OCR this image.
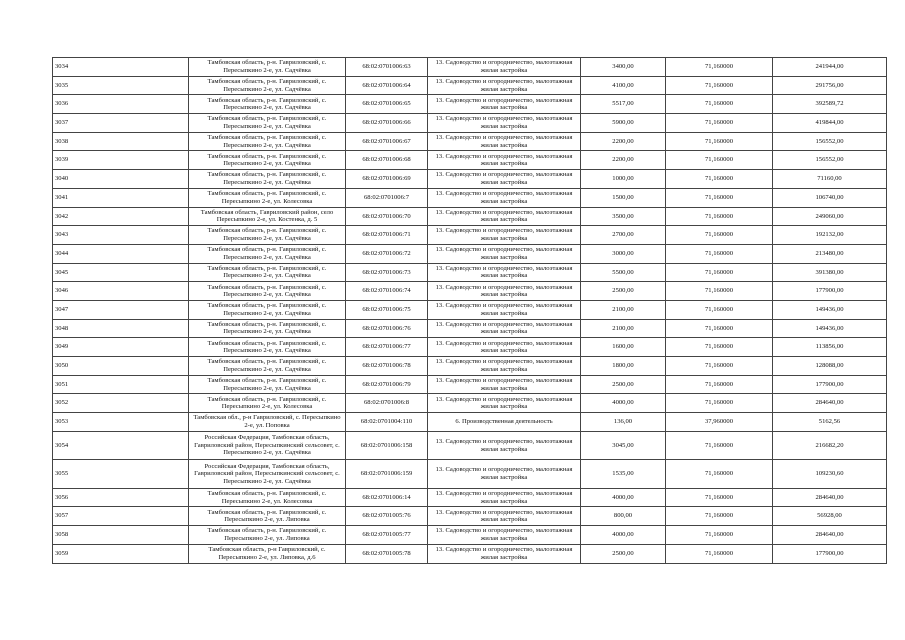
3034	Тамбовская область, р-н. Гавриловский, с. Пересыпкино 2-е, ул. Садчёвка	68:02:0701006:63	13. Садоводство и огородничество, малоэтажная жилая застройка	3400,00	71,160000	241944,00
3035	Тамбовская область, р-н. Гавриловский, с. Пересыпкино 2-е, ул. Садчёвка	68:02:0701006:64	13. Садоводство и огородничество, малоэтажная жилая застройка	4100,00	71,160000	291756,00
3036	Тамбовская область, р-н. Гавриловский, с. Пересыпкино 2-е, ул. Садчёвка	68:02:0701006:65	13. Садоводство и огородничество, малоэтажная жилая застройка	5517,00	71,160000	392589,72
3037	Тамбовская область, р-н. Гавриловский, с. Пересыпкино 2-е, ул. Садчёвка	68:02:0701006:66	13. Садоводство и огородничество, малоэтажная жилая застройка	5900,00	71,160000	419844,00
3038	Тамбовская область, р-н. Гавриловский, с. Пересыпкино 2-е, ул. Садчёвка	68:02:0701006:67	13. Садоводство и огородничество, малоэтажная жилая застройка	2200,00	71,160000	156552,00
3039	Тамбовская область, р-н. Гавриловский, с. Пересыпкино 2-е, ул. Садчёвка	68:02:0701006:68	13. Садоводство и огородничество, малоэтажная жилая застройка	2200,00	71,160000	156552,00
3040	Тамбовская область, р-н. Гавриловский, с. Пересыпкино 2-е, ул. Садчёвка	68:02:0701006:69	13. Садоводство и огородничество, малоэтажная жилая застройка	1000,00	71,160000	71160,00
3041	Тамбовская область, р-н. Гавриловский, с. Пересыпкино 2-е, ул. Колесовка	68:02:0701006:7	13. Садоводство и огородничество, малоэтажная жилая застройка	1500,00	71,160000	106740,00
3042	Тамбовская область, Гавриловский район, село Пересыпкино 2-е, ул. Костенка, д. 5	68:02:0701006:70	13. Садоводство и огородничество, малоэтажная жилая застройка	3500,00	71,160000	249060,00
3043	Тамбовская область, р-н. Гавриловский, с. Пересыпкино 2-е, ул. Садчёвка	68:02:0701006:71	13. Садоводство и огородничество, малоэтажная жилая застройка	2700,00	71,160000	192132,00
3044	Тамбовская область, р-н. Гавриловский, с. Пересыпкино 2-е, ул. Садчёвка	68:02:0701006:72	13. Садоводство и огородничество, малоэтажная жилая застройка	3000,00	71,160000	213480,00
3045	Тамбовская область, р-н. Гавриловский, с. Пересыпкино 2-е, ул. Садчёвка	68:02:0701006:73	13. Садоводство и огородничество, малоэтажная жилая застройка	5500,00	71,160000	391380,00
3046	Тамбовская область, р-н. Гавриловский, с. Пересыпкино 2-е, ул. Садчёвка	68:02:0701006:74	13. Садоводство и огородничество, малоэтажная жилая застройка	2500,00	71,160000	177900,00
3047	Тамбовская область, р-н. Гавриловский, с. Пересыпкино 2-е, ул. Садчёвка	68:02:0701006:75	13. Садоводство и огородничество, малоэтажная жилая застройка	2100,00	71,160000	149436,00
3048	Тамбовская область, р-н. Гавриловский, с. Пересыпкино 2-е, ул. Садчёвка	68:02:0701006:76	13. Садоводство и огородничество, малоэтажная жилая застройка	2100,00	71,160000	149436,00
3049	Тамбовская область, р-н. Гавриловский, с. Пересыпкино 2-е, ул. Садчёвка	68:02:0701006:77	13. Садоводство и огородничество, малоэтажная жилая застройка	1600,00	71,160000	113856,00
3050	Тамбовская область, р-н. Гавриловский, с. Пересыпкино 2-е, ул. Садчёвка	68:02:0701006:78	13. Садоводство и огородничество, малоэтажная жилая застройка	1800,00	71,160000	128088,00
3051	Тамбовская область, р-н. Гавриловский, с. Пересыпкино 2-е, ул. Садчёвка	68:02:0701006:79	13. Садоводство и огородничество, малоэтажная жилая застройка	2500,00	71,160000	177900,00
3052	Тамбовская область, р-н. Гавриловский, с. Пересыпкино 2-е, ул. Колесовка	68:02:0701006:8	13. Садоводство и огородничество, малоэтажная жилая застройка	4000,00	71,160000	284640,00
3053	Тамбовская обл., р-н Гавриловский, с. Пересыпкино 2-е, ул. Поповка	68:02:0701004:110	6. Производственная деятельность	136,00	37,960000	5162,56
3054	Российская Федерация, Тамбовская область, Гавриловский район, Пересыпкинский сельсовет, с. Пересыпкино 2-е, ул. Садчёвка	68:02:0701006:158	13. Садоводство и огородничество, малоэтажная жилая застройка	3045,00	71,160000	216682,20
3055	Российская Федерация, Тамбовская область, Гавриловский район, Пересыпкинский сельсовет, с. Пересыпкино 2-е, ул. Садчёвка	68:02:0701006:159	13. Садоводство и огородничество, малоэтажная жилая застройка	1535,00	71,160000	109230,60
3056	Тамбовская область, р-н. Гавриловский, с. Пересыпкино 2-е, ул. Колесовка	68:02:0701006:14	13. Садоводство и огородничество, малоэтажная жилая застройка	4000,00	71,160000	284640,00
3057	Тамбовская область, р-н. Гавриловский, с. Пересыпкино 2-е, ул. Липовка	68:02:0701005:76	13. Садоводство и огородничество, малоэтажная жилая застройка	800,00	71,160000	56928,00
3058	Тамбовская область, р-н. Гавриловский, с. Пересыпкино 2-е, ул. Липовка	68:02:0701005:77	13. Садоводство и огородничество, малоэтажная жилая застройка	4000,00	71,160000	284640,00
3059	Тамбовская область, р-н Гавриловский, с. Пересыпкино 2-е, ул. Липовка, д.6	68:02:0701005:78	13. Садоводство и огородничество, малоэтажная жилая застройка	2500,00	71,160000	177900,00
